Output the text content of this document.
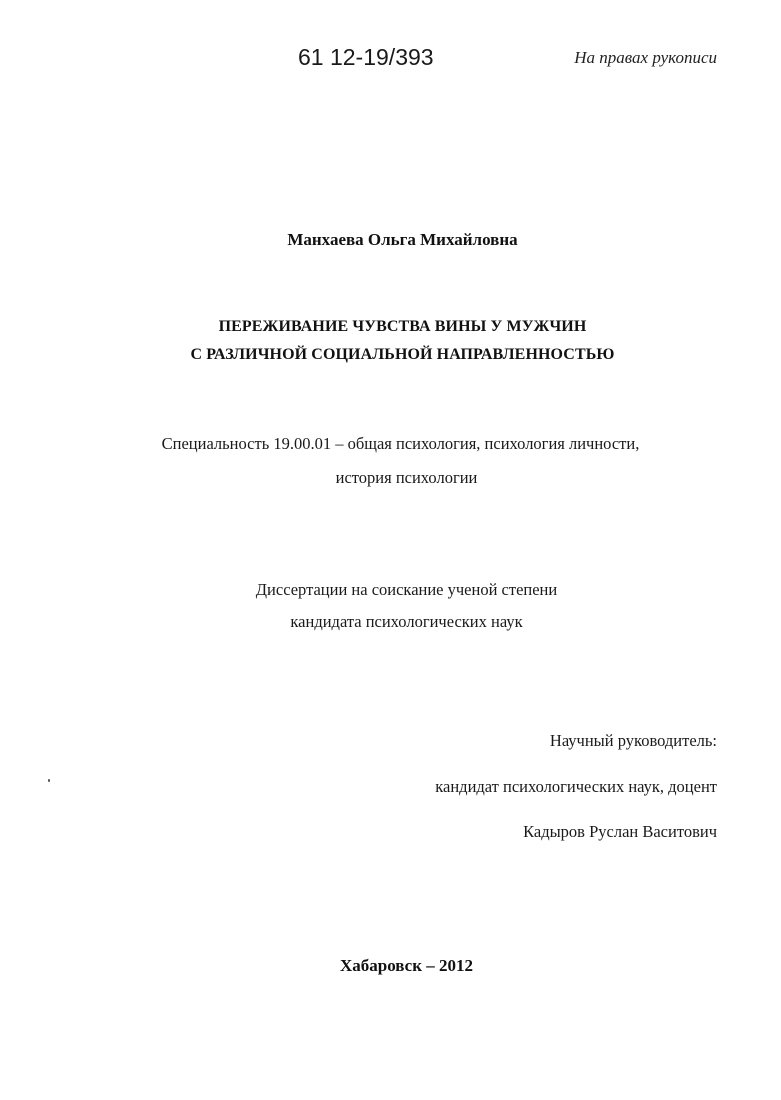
61 12-19/393	На правах рукописи
Манхаева Ольга Михайловна
ПЕРЕЖИВАНИЕ ЧУВСТВА ВИНЫ У МУЖЧИН
С РАЗЛИЧНОЙ СОЦИАЛЬНОЙ НАПРАВЛЕННОСТЬЮ
Специальность 19.00.01 – общая психология, психология личности,
история психологии
Диссертации на соискание ученой степени
кандидата психологических наук
Научный руководитель:
кандидат психологических наук, доцент
Кадыров Руслан Васитович
Хабаровск – 2012
